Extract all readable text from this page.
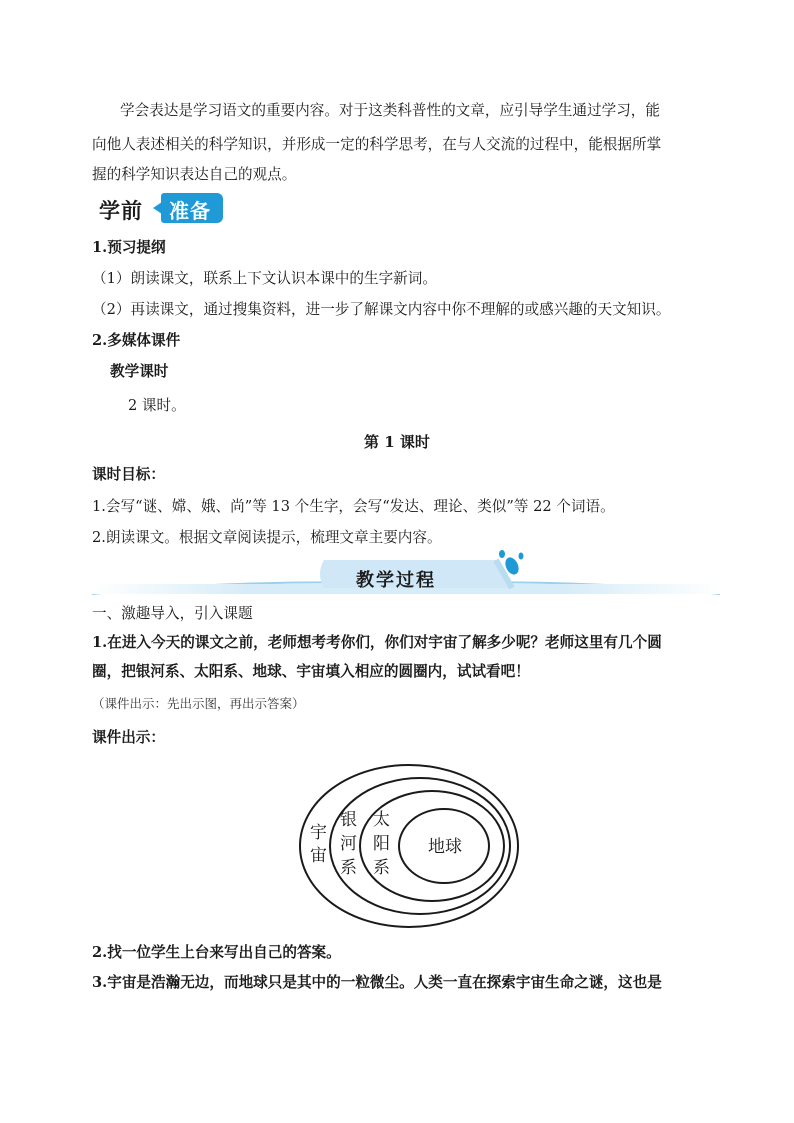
学会表达是学习语文的重要内容。对于这类科普性的文章，应引导学生通过学习，能
向他人表述相关的科学知识，并形成一定的科学思考，在与人交流的过程中，能根据所掌
握的科学知识表达自己的观点。
学前 准备
1.预习提纲
（1）朗读课文，联系上下文认识本课中的生字新词。
（2）再读课文，通过搜集资料，进一步了解课文内容中你不理解的或感兴趣的天文知识。
2.多媒体课件
教学课时
2 课时。
第 1 课时
课时目标：
1.会写“谜、嫦、娥、尚”等 13 个生字，会写“发达、理论、类似”等 22 个词语。
2.朗读课文。根据文章阅读提示，梳理文章主要内容。
教学过程
一、激趣导入，引入课题
1.在进入今天的课文之前，老师想考考你们，你们对宇宙了解多少呢？老师这里有几个圆
圈，把银河系、太阳系、地球、宇宙填入相应的圆圈内，试试看吧！
（课件出示：先出示图，再出示答案）
课件出示：
宇
宙
银
河
系
太
阳
系
地球
2.找一位学生上台来写出自己的答案。
3.宇宙是浩瀚无边，而地球只是其中的一粒微尘。人类一直在探索宇宙生命之谜，这也是
